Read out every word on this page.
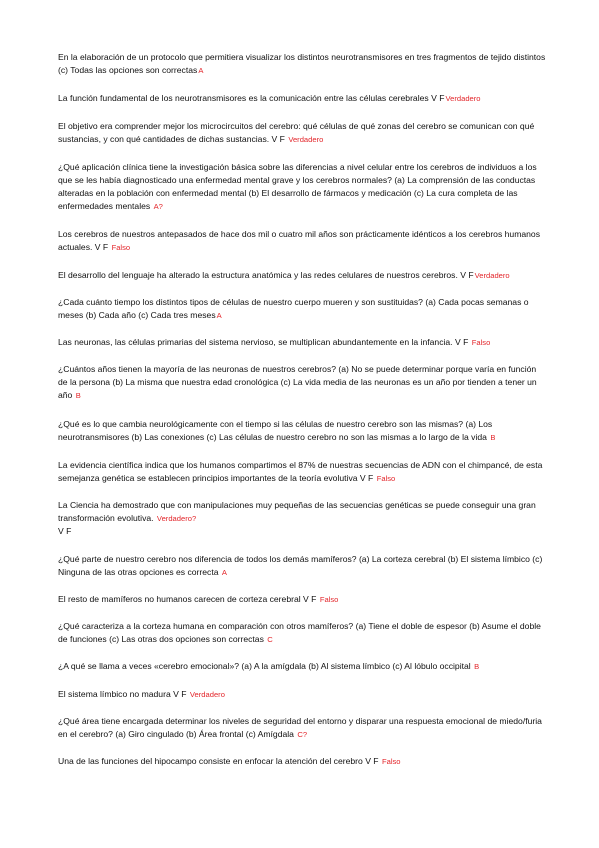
En la elaboración de un protocolo que permitiera visualizar los distintos neurotransmisores en tres fragmentos de tejido distintos (c) Todas las opciones son correctasA

La función fundamental de los neurotransmisores es la comunicación entre las células cerebrales V FVerdadero

El objetivo era comprender mejor los microcircuitos del cerebro: qué células de qué zonas del cerebro se comunican con qué sustancias, y con qué cantidades de dichas sustancias. V F Verdadero

¿Qué aplicación clínica tiene la investigación básica sobre las diferencias a nivel celular entre los cerebros de individuos a los que se les había diagnosticado una enfermedad mental grave y los cerebros normales? (a) La comprensión de las conductas alteradas en la población con enfermedad mental (b) El desarrollo de fármacos y medicación (c) La cura completa de las enfermedades mentales A?

Los cerebros de nuestros antepasados de hace dos mil o cuatro mil años son prácticamente idénticos a los cerebros humanos actuales. V F Falso

El desarrollo del lenguaje ha alterado la estructura anatómica y las redes celulares de nuestros cerebros. V FVerdadero

¿Cada cuánto tiempo los distintos tipos de células de nuestro cuerpo mueren y son sustituidas? (a) Cada pocas semanas o meses (b) Cada año (c) Cada tres mesesA

Las neuronas, las células primarias del sistema nervioso, se multiplican abundantemente en la infancia. V F Falso

¿Cuántos años tienen la mayoría de las neuronas de nuestros cerebros? (a) No se puede determinar porque varía en función de la persona (b) La misma que nuestra edad cronológica (c) La vida media de las neuronas es un año por tienden a tener un año B

¿Qué es lo que cambia neurológicamente con el tiempo si las células de nuestro cerebro son las mismas? (a) Los neurotransmisores (b) Las conexiones (c) Las células de nuestro cerebro no son las mismas a lo largo de la vida B

La evidencia científica indica que los humanos compartimos el 87% de nuestras secuencias de ADN con el chimpancé, de esta semejanza genética se establecen principios importantes de la teoría evolutiva V F Falso

La Ciencia ha demostrado que con manipulaciones muy pequeñas de las secuencias genéticas se puede conseguir una gran transformación evolutiva. Verdadero?
V F

¿Qué parte de nuestro cerebro nos diferencia de todos los demás mamíferos? (a) La corteza cerebral (b) El sistema límbico (c) Ninguna de las otras opciones es correcta A

El resto de mamíferos no humanos carecen de corteza cerebral V F Falso

¿Qué caracteriza a la corteza humana en comparación con otros mamíferos? (a) Tiene el doble de espesor (b) Asume el doble de funciones (c) Las otras dos opciones son correctas C

¿A qué se llama a veces «cerebro emocional»? (a) A la amígdala (b) Al sistema límbico (c) Al lóbulo occipital B

El sistema límbico no madura V F Verdadero

¿Qué área tiene encargada determinar los niveles de seguridad del entorno y disparar una respuesta emocional de miedo/furia en el cerebro? (a) Giro cingulado (b) Área frontal (c) Amígdala C?

Una de las funciones del hipocampo consiste en enfocar la atención del cerebro V F Falso
